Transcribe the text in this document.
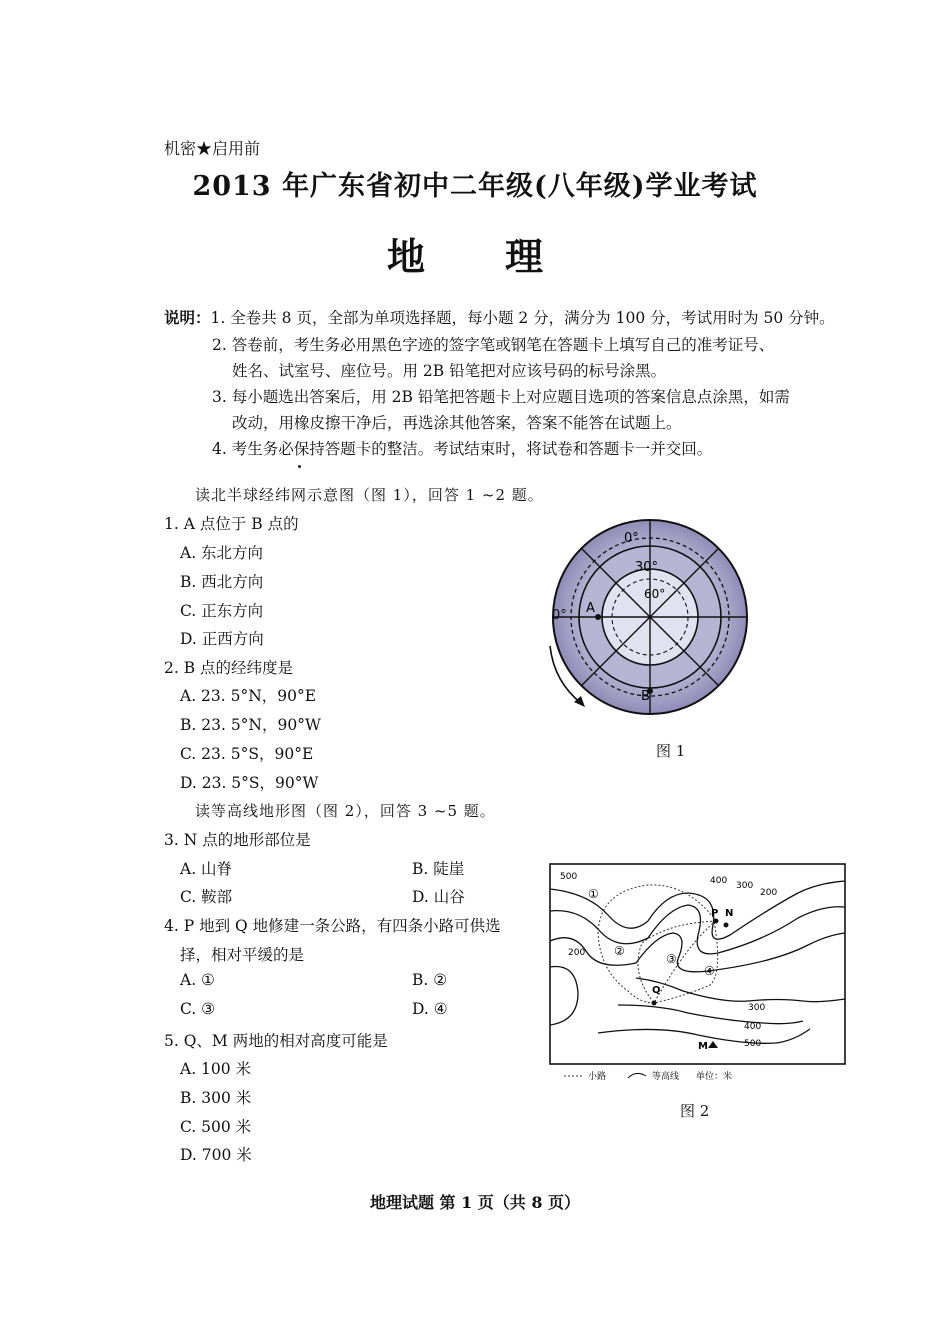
机密★启用前
2013 年广东省初中二年级(八年级)学业考试
地理
说明：1. 全卷共 8 页，全部为单项选择题，每小题 2 分，满分为 100 分，考试用时为 50 分钟。
2. 答卷前，考生务必用黑色字迹的签字笔或钢笔在答题卡上填写自己的准考证号、
姓名、试室号、座位号。用 2B 铅笔把对应该号码的标号涂黑。
3. 每小题选出答案后，用 2B 铅笔把答题卡上对应题目选项的答案信息点涂黑，如需
改动，用橡皮擦干净后，再选涂其他答案，答案不能答在试题上。
4. 考生务必保持答题卡的整洁。考试结束时，将试卷和答题卡一并交回。
读北半球经纬网示意图（图 1），回答 1 ~2 题。
1. A 点位于 B 点的
A. 东北方向
B. 西北方向
C. 正东方向
D. 正西方向
2. B 点的经纬度是
A. 23. 5°N，90°E
B. 23. 5°N，90°W
C. 23. 5°S，90°E
D. 23. 5°S，90°W
0°
30°
60°
A
B
0°
图 1
读等高线地形图（图 2），回答 3 ~5 题。
3. N 点的地形部位是
A. 山脊	B. 陡崖
C. 鞍部	D. 山谷
4. P 地到 Q 地修建一条公路，有四条小路可供选
择，相对平缓的是
A. ①	B. ②
C. ③	D. ④
5. Q、M 两地的相对高度可能是
A. 100 米
B. 300 米
C. 500 米
D. 700 米
500	400 300
200
200
300
400
500
①
②
③
④
P N
Q
M
小路	等高线 单位：米
图 2
地理试题 第 1 页（共 8 页）
